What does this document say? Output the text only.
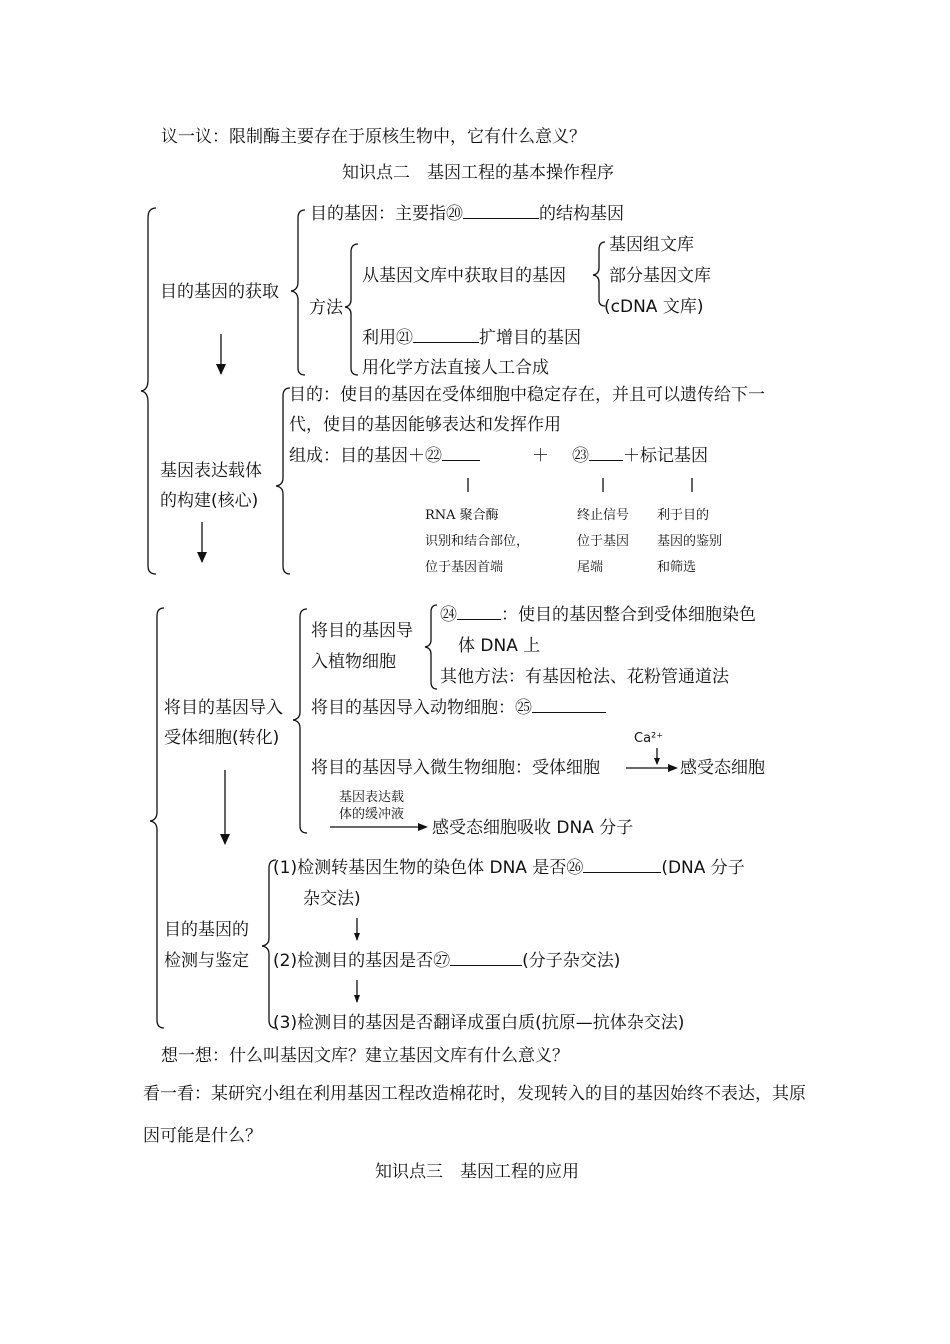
议一议：限制酶主要存在于原核生物中，它有什么意义？
知识点二　基因工程的基本操作程序
目的基因的获取
目的基因：主要指⑳	的结构基因
方法
从基因文库中获取目的基因
基因组文库
部分基因文库
(cDNA 文库)
利用㉑	扩增目的基因
用化学方法直接人工合成
基因表达载体
的构建(核心)
目的：使目的基因在受体细胞中稳定存在，并且可以遗传给下一
代，使目的基因能够表达和发挥作用
组成：目的基因＋㉒	＋ ㉓ ＋标记基因
RNA 聚合酶
识别和结合部位，
位于基因首端
终止信号
位于基因
尾端
利于目的
基因的鉴别
和筛选
将目的基因导入
受体细胞(转化)
将目的基因导
入植物细胞
㉔	：使目的基因整合到受体细胞染色
体 DNA 上
其他方法：有基因枪法、花粉管通道法
将目的基因导入动物细胞：㉕
Ca²⁺
将目的基因导入微生物细胞：受体细胞	感受态细胞
基因表达载
体的缓冲液
感受态细胞吸收 DNA 分子
目的基因的
检测与鉴定
(1)检测转基因生物的染色体 DNA 是否㉖	(DNA 分子
杂交法)
(2)检测目的基因是否㉗	(分子杂交法)
(3)检测目的基因是否翻译成蛋白质(抗原—抗体杂交法)
想一想：什么叫基因文库？建立基因文库有什么意义？
看一看：某研究小组在利用基因工程改造棉花时，发现转入的目的基因始终不表达，其原
因可能是什么？
知识点三　基因工程的应用
